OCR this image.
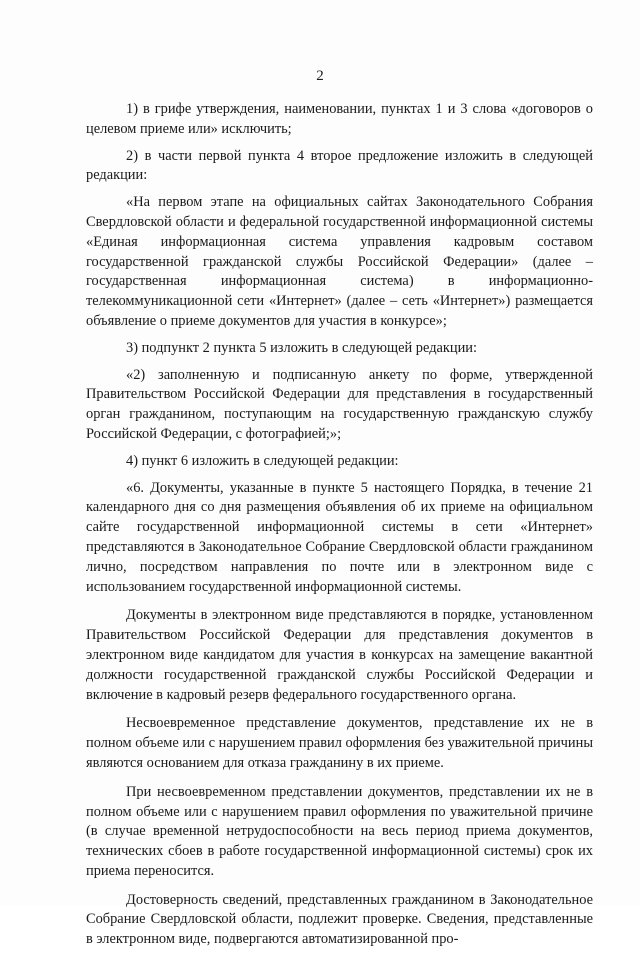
2

1) в грифе утверждения, наименовании, пунктах 1 и 3 слова «договоров о целевом приеме или» исключить;

2) в части первой пункта 4 второе предложение изложить в следующей редакции:

«На первом этапе на официальных сайтах Законодательного Собрания Свердловской области и федеральной государственной информационной системы «Единая информационная система управления кадровым составом государственной гражданской службы Российской Федерации» (далее – государственная информационная система) в информационно-телекоммуникационной сети «Интернет» (далее – сеть «Интернет») размещается объявление о приеме документов для участия в конкурсе»;

3) подпункт 2 пункта 5 изложить в следующей редакции:

«2) заполненную и подписанную анкету по форме, утвержденной Правительством Российской Федерации для представления в государственный орган гражданином, поступающим на государственную гражданскую службу Российской Федерации, с фотографией;»;

4) пункт 6 изложить в следующей редакции:

«6. Документы, указанные в пункте 5 настоящего Порядка, в течение 21 календарного дня со дня размещения объявления об их приеме на официальном сайте государственной информационной системы в сети «Интернет» представляются в Законодательное Собрание Свердловской области гражданином лично, посредством направления по почте или в электронном виде с использованием государственной информационной системы.

Документы в электронном виде представляются в порядке, установленном Правительством Российской Федерации для представления документов в электронном виде кандидатом для участия в конкурсах на замещение вакантной должности государственной гражданской службы Российской Федерации и включение в кадровый резерв федерального государственного органа.

Несвоевременное представление документов, представление их не в полном объеме или с нарушением правил оформления без уважительной причины являются основанием для отказа гражданину в их приеме.

При несвоевременном представлении документов, представлении их не в полном объеме или с нарушением правил оформления по уважительной причине (в случае временной нетрудоспособности на весь период приема документов, технических сбоев в работе государственной информационной системы) срок их приема переносится.

Достоверность сведений, представленных гражданином в Законодательное Собрание Свердловской области, подлежит проверке. Сведения, представленные в электронном виде, подвергаются автоматизированной про-
